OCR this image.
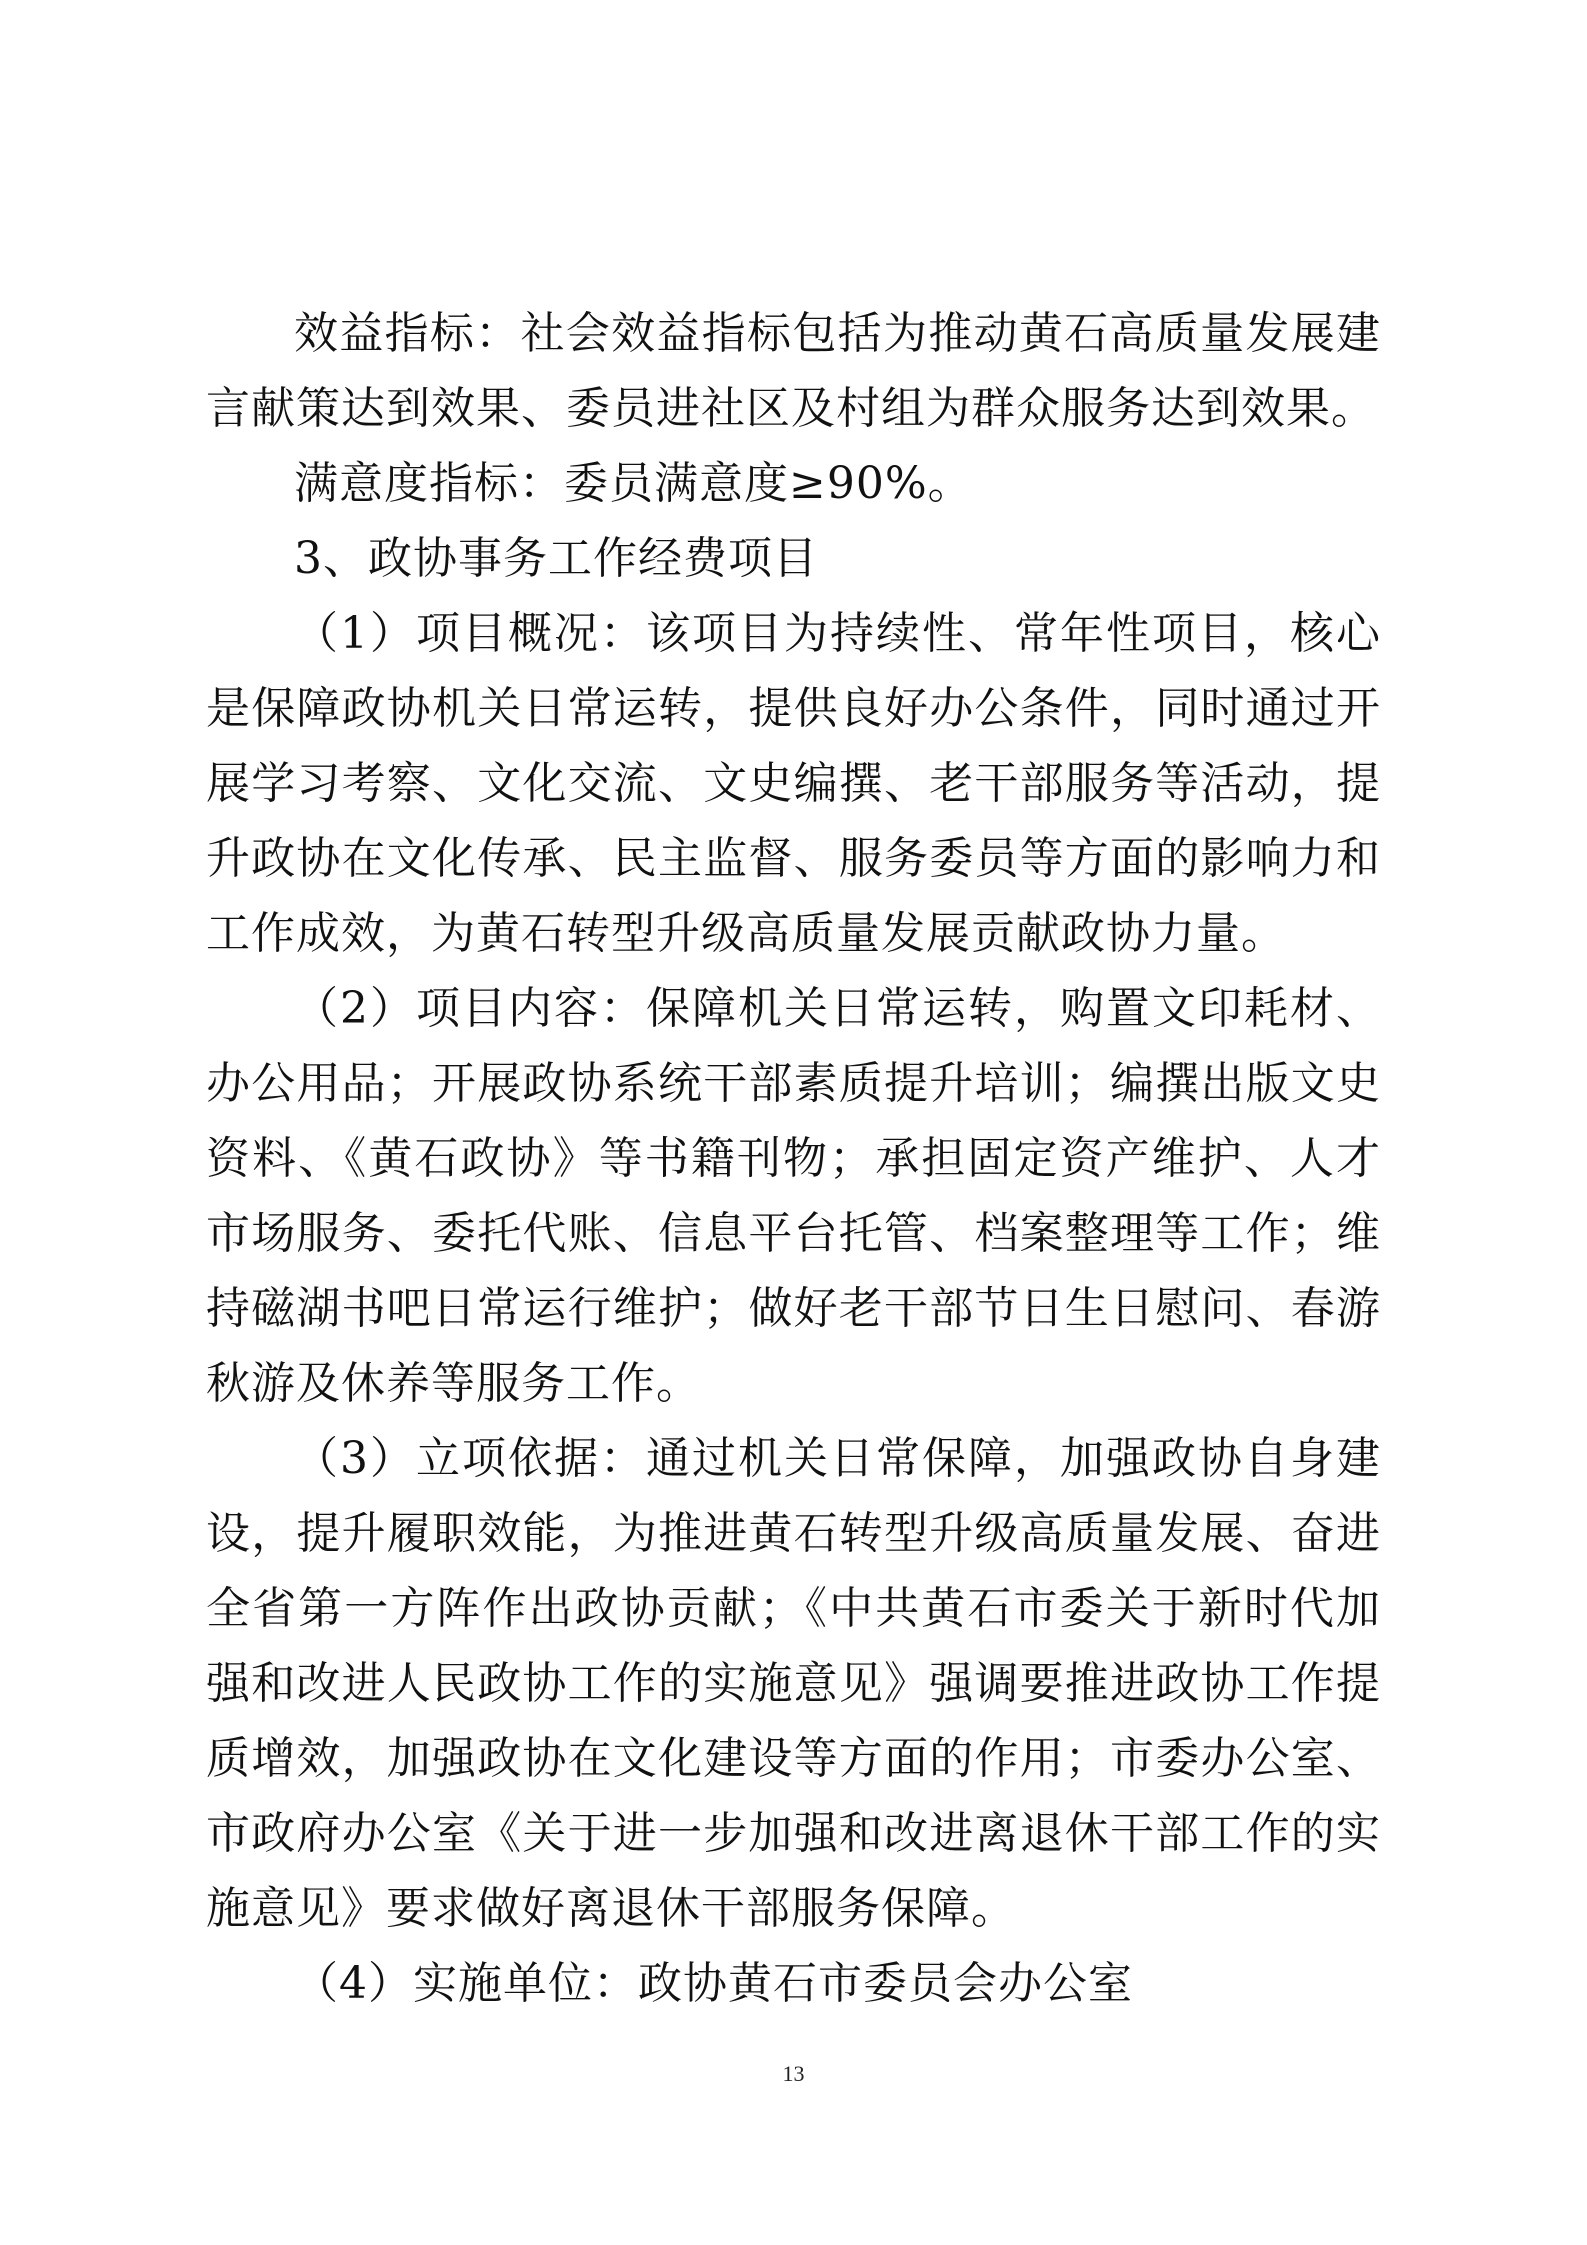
效益指标：社会效益指标包括为推动黄石高质量发展建言献策达到效果、委员进社区及村组为群众服务达到效果。

满意度指标：委员满意度≥90%。

3、政协事务工作经费项目

（1）项目概况：该项目为持续性、常年性项目，核心是保障政协机关日常运转，提供良好办公条件，同时通过开展学习考察、文化交流、文史编撰、老干部服务等活动，提升政协在文化传承、民主监督、服务委员等方面的影响力和工作成效，为黄石转型升级高质量发展贡献政协力量。

（2）项目内容：保障机关日常运转，购置文印耗材、办公用品；开展政协系统干部素质提升培训；编撰出版文史资料、《黄石政协》等书籍刊物；承担固定资产维护、人才市场服务、委托代账、信息平台托管、档案整理等工作；维持磁湖书吧日常运行维护；做好老干部节日生日慰问、春游秋游及休养等服务工作。

（3）立项依据：通过机关日常保障，加强政协自身建设，提升履职效能，为推进黄石转型升级高质量发展、奋进全省第一方阵作出政协贡献；《中共黄石市委关于新时代加强和改进人民政协工作的实施意见》强调要推进政协工作提质增效，加强政协在文化建设等方面的作用；市委办公室、市政府办公室《关于进一步加强和改进离退休干部工作的实施意见》要求做好离退休干部服务保障。

（4）实施单位：政协黄石市委员会办公室

13
